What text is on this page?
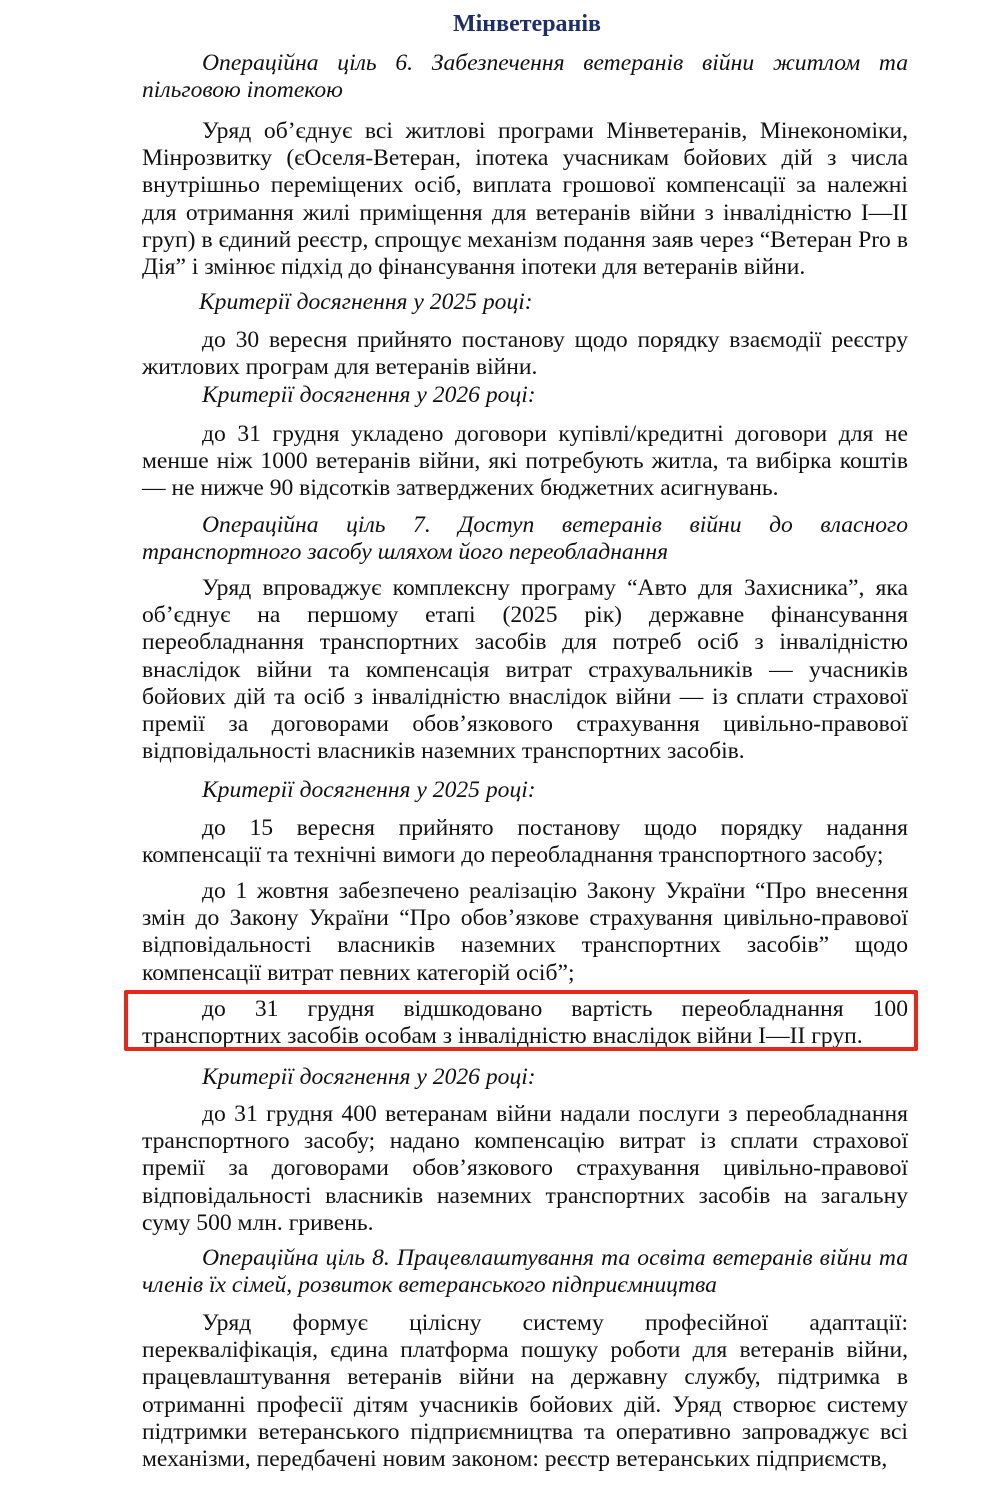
Мінветеранів

Операційна ціль 6. Забезпечення ветеранів війни житлом та пільговою іпотекою

Уряд об’єднує всі житлові програми Мінветеранів, Мінекономіки, Мінрозвитку (єОселя-Ветеран, іпотека учасникам бойових дій з числа внутрішньо переміщених осіб, виплата грошової компенсації за належні для отримання жилі приміщення для ветеранів війни з інвалідністю I—II груп) в єдиний реєстр, спрощує механізм подання заяв через “Ветеран Pro в Дія” і змінює підхід до фінансування іпотеки для ветеранів війни.

Критерії досягнення у 2025 році:

до 30 вересня прийнято постанову щодо порядку взаємодії реєстру житлових програм для ветеранів війни.

Критерії досягнення у 2026 році:

до 31 грудня укладено договори купівлі/кредитні договори для не менше ніж 1000 ветеранів війни, які потребують житла, та вибірка коштів — не нижче 90 відсотків затверджених бюджетних асигнувань.

Операційна ціль 7. Доступ ветеранів війни до власного транспортного засобу шляхом його переобладнання

Уряд впроваджує комплексну програму “Авто для Захисника”, яка об’єднує на першому етапі (2025 рік) державне фінансування переобладнання транспортних засобів для потреб осіб з інвалідністю внаслідок війни та компенсація витрат страхувальників — учасників бойових дій та осіб з інвалідністю внаслідок війни — із сплати страхової премії за договорами обов’язкового страхування цивільно-правової відповідальності власників наземних транспортних засобів.

Критерії досягнення у 2025 році:

до 15 вересня прийнято постанову щодо порядку надання компенсації та технічні вимоги до переобладнання транспортного засобу;

до 1 жовтня забезпечено реалізацію Закону України “Про внесення змін до Закону України “Про обов’язкове страхування цивільно-правової відповідальності власників наземних транспортних засобів” щодо компенсації витрат певних категорій осіб”;

до 31 грудня відшкодовано вартість переобладнання 100 транспортних засобів особам з інвалідністю внаслідок війни I—II груп.

Критерії досягнення у 2026 році:

до 31 грудня 400 ветеранам війни надали послуги з переобладнання транспортного засобу; надано компенсацію витрат із сплати страхової премії за договорами обов’язкового страхування цивільно-правової відповідальності власників наземних транспортних засобів на загальну суму 500 млн. гривень.

Операційна ціль 8. Працевлаштування та освіта ветеранів війни та членів їх сімей, розвиток ветеранського підприємництва

Уряд формує цілісну систему професійної адаптації: перекваліфікація, єдина платформа пошуку роботи для ветеранів війни, працевлаштування ветеранів війни на державну службу, підтримка в отриманні професії дітям учасників бойових дій. Уряд створює систему підтримки ветеранського підприємництва та оперативно запроваджує всі механізми, передбачені новим законом: реєстр ветеранських підприємств,
